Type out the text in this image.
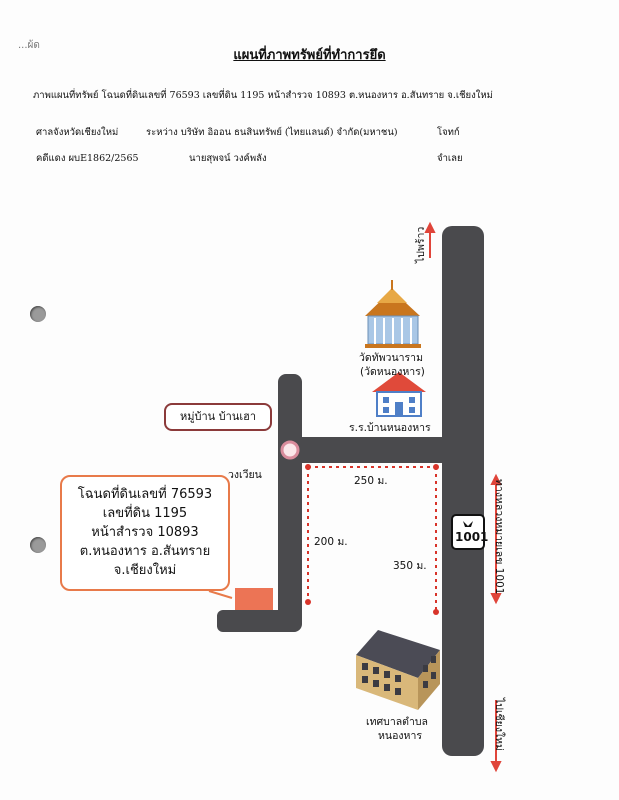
...ผ้ด
แผนที่ภาพทรัพย์ที่ทำการยึด
ภาพแผนที่ทรัพย์ โฉนดที่ดินเลขที่ 76593 เลขที่ดิน 1195 หน้าสำรวจ 10893 ต.หนองหาร อ.สันทราย จ.เชียงใหม่
ศาลจังหวัดเชียงใหม่	ระหว่าง บริษัท อิออน ธนสินทรัพย์ (ไทยแลนด์) จำกัด(มหาชน)	โจทก์
คดีแดง ผบE1862/2565	นายสุพจน์ วงค์พลัง	จำเลย
ไปพร้าว
ทางหลวงหมายเลข 1001
ไปเชียงใหม่
1001
วัดทัพวนาราม
(วัดหนองหาร)
ร.ร.บ้านหนองหาร
หมู่บ้าน บ้านเฮา
วงเวียน	250 ม.
200 ม.
350 ม.
เทศบาลตำบล
หนองหาร
โฉนดที่ดินเลขที่ 76593
เลขที่ดิน 1195
หน้าสำรวจ 10893
ต.หนองหาร อ.สันทราย
จ.เชียงใหม่
